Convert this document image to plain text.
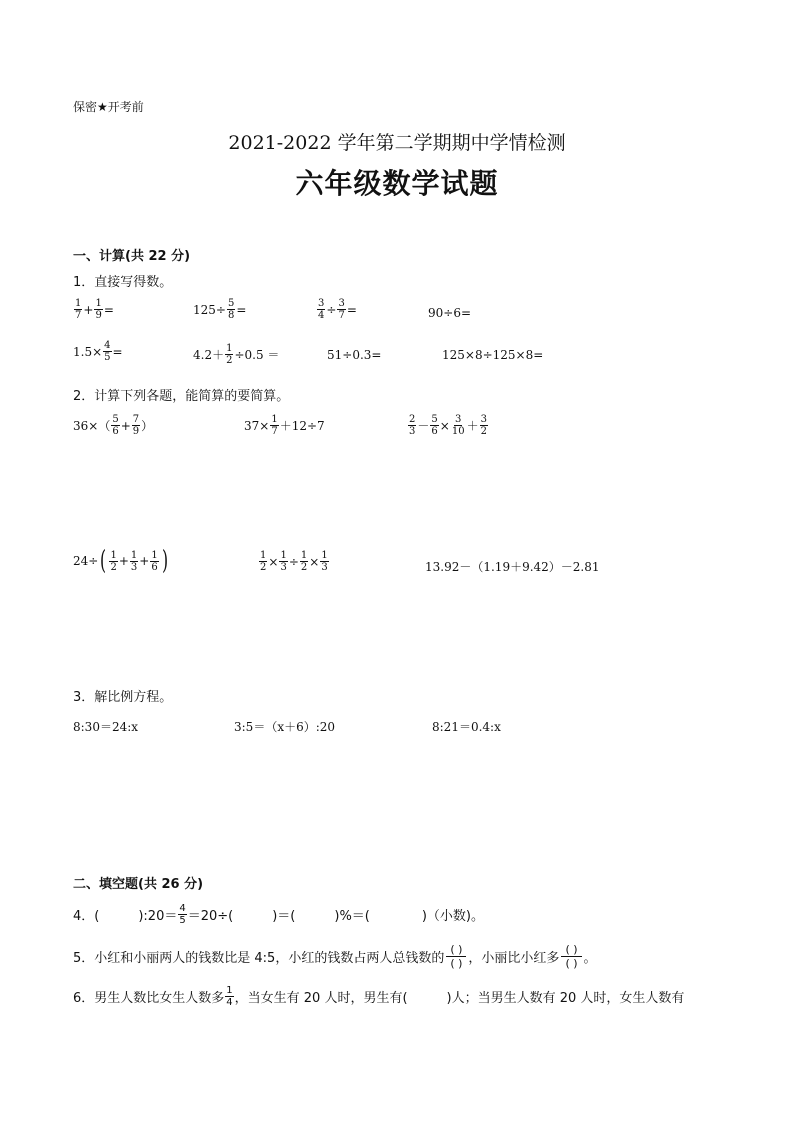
保密★开考前
2021-2022 学年第二学期期中学情检测
六年级数学试题
一、计算(共 22 分)
1．直接写得数。
$\frac{1}{7} + \frac{1}{9}$ =	$125\div \frac{5}{8}$ =	$\frac{3}{4} \div \frac{3}{7}$ =	90÷6=
$1.5\times \frac{4}{5}$ =	$4.2+ \frac{1}{2} \div 0.5$ ＝	51÷0.3=	125×8÷125×8=
2．计算下列各题，能简算的要简算。
$36\times( \frac{5}{6} + \frac{7}{9}$ ）	$37\times \frac{1}{7} +12\div 7$	$\frac{2}{3} - \frac{5}{6} \times \frac{3}{10} + \frac{3}{2}$
24÷ ( $\frac{1}{2} + \frac{1}{3} + \frac{1}{6}$ )	$\frac{1}{2} \times \frac{1}{3} \div \frac{1}{2} \times \frac{1}{3}$	13.92－（1.19＋9.42）－2.81
3．解比例方程。
8:30＝24:x	3:5＝（x＋6）:20	8:21＝0.4:x
二、填空题(共 26 分)
4．(　　　):20＝ $\frac{4}{5} =20\div$(　　　)＝(　　　)%＝(　　　　)（小数)。
5．小红和小丽两人的钱数比是 4:5，小红的钱数占两人总钱数的
( )
( ) ，小丽比小红多
( )
( ) 。
6．男生人数比女生人数多 $\frac{1}{4}$ ，当女生有 20 人时，男生有(　　　)人；当男生人数有 20 人时，女生人数有
